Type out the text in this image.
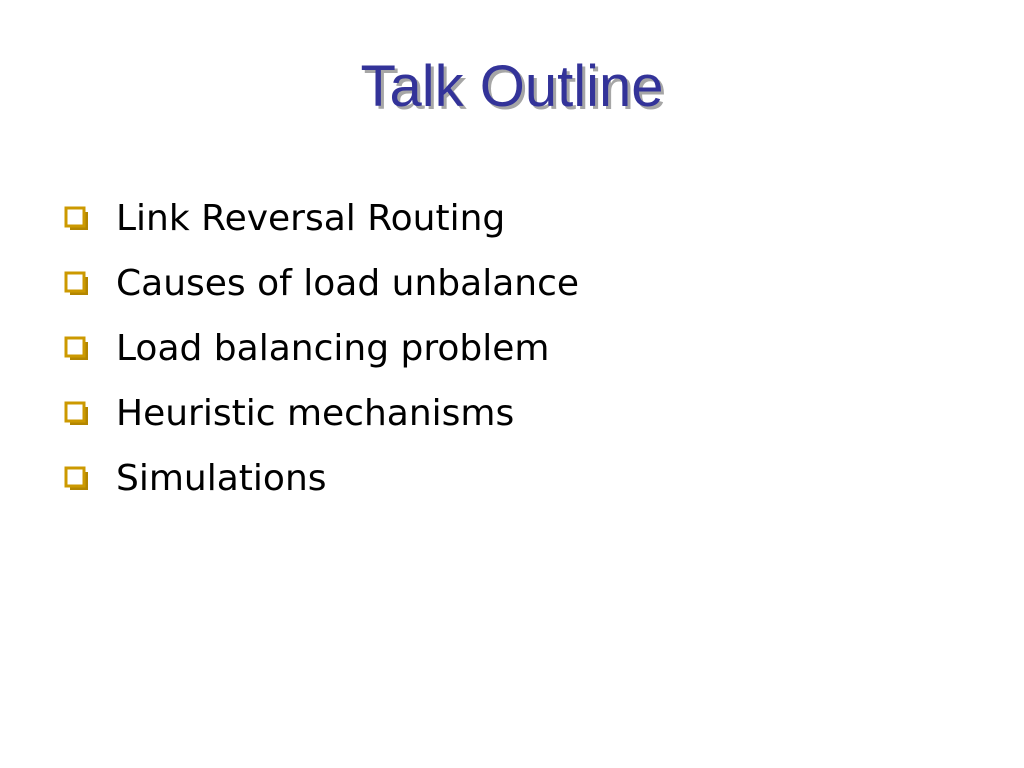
Talk Outline
Link Reversal Routing
Causes of load unbalance
Load balancing problem
Heuristic mechanisms
Simulations
